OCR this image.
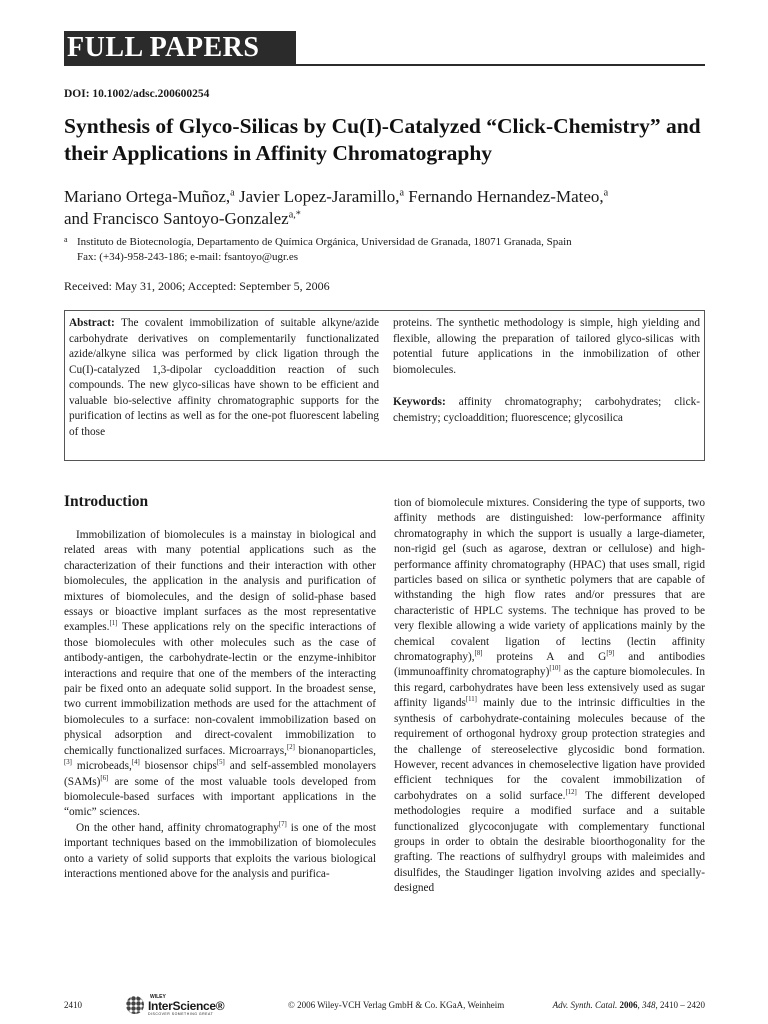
FULL PAPERS
DOI: 10.1002/adsc.200600254
Synthesis of Glyco-Silicas by Cu(I)-Catalyzed “Click-Chemistry” and their Applications in Affinity Chromatography
Mariano Ortega-Muñoz,$^a$ Javier Lopez-Jaramillo,$^a$ Fernando Hernandez-Mateo,$^a$
and Francisco Santoyo-Gonzalez$^{a,*}$
a Instituto de Biotecnología, Departamento de Química Orgánica, Universidad de Granada, 18071 Granada, Spain
Fax: (+34)-958-243-186; e-mail: fsantoyo@ugr.es
Received: May 31, 2006; Accepted: September 5, 2006
Abstract: The covalent immobilization of suitable alkyne/azide carbohydrate derivatives on complementarily functionalizated azide/alkyne silica was performed by click ligation through the Cu(I)-catalyzed 1,3-dipolar cycloaddition reaction of such compounds. The new glyco-silicas have shown to be efficient and valuable bio-selective affinity chromatographic supports for the purification of lectins as well as for the one-pot fluorescent labeling of those
proteins. The synthetic methodology is simple, high yielding and flexible, allowing the preparation of tailored glyco-silicas with potential future applications in the inmobilization of other biomolecules.
Keywords: affinity chromatography; carbohydrates; click-chemistry; cycloaddition; fluorescence; glycosilica
Introduction

Immobilization of biomolecules is a mainstay in biological and related areas with many potential applications such as the characterization of their functions and their interaction with other biomolecules, the application in the analysis and purification of mixtures of biomolecules, and the design of solid-phase based essays or bioactive implant surfaces as the most representative examples.[1] These applications rely on the specific interactions of those biomolecules with other molecules such as the case of antibody-antigen, the carbohydrate-lectin or the enzyme-inhibitor interactions and require that one of the members of the interacting pair be fixed onto an adequate solid support. In the broadest sense, two current immobilization methods are used for the attachment of biomolecules to a surface: non-covalent immobilization based on physical adsorption and direct-covalent immobilization to chemically functionalized surfaces. Microarrays,[2] bionanoparticles,[3] microbeads,[4] biosensor chips[5] and self-assembled monolayers (SAMs)[6] are some of the most valuable tools developed from biomolecule-based surfaces with important applications in the “omic” sciences.

On the other hand, affinity chromatography[7] is one of the most important techniques based on the immobilization of biomolecules onto a variety of solid supports that exploits the various biological interactions mentioned above for the analysis and purifica-

tion of biomolecule mixtures. Considering the type of supports, two affinity methods are distinguished: low-performance affinity chromatography in which the support is usually a large-diameter, non-rigid gel (such as agarose, dextran or cellulose) and high-performance affinity chromatography (HPAC) that uses small, rigid particles based on silica or synthetic polymers that are capable of withstanding the high flow rates and/or pressures that are characteristic of HPLC systems. The technique has proved to be very flexible allowing a wide variety of applications mainly by the chemical covalent ligation of lectins (lectin affinity chromatography),[8] proteins A and G[9] and antibodies (immunoaffinity chromatography)[10] as the capture biomolecules. In this regard, carbohydrates have been less extensively used as sugar affinity ligands[11] mainly due to the intrinsic difficulties in the synthesis of carbohydrate-containing molecules because of the requirement of orthogonal hydroxy group protection strategies and the challenge of stereoselective glycosidic bond formation. However, recent advances in chemoselective ligation have provided efficient techniques for the covalent immobilization of carbohydrates on a solid surface.[12] The different developed methodologies require a modified surface and a suitable functionalized glycoconjugate with complementary functional groups in order to obtain the desirable bioorthogonality for the grafting. The reactions of sulfhydryl groups with maleimides and disulfides, the Staudinger ligation involving azides and specially-designed

2410
WILEY
InterScience®
DISCOVER SOMETHING GREAT
© 2006 Wiley-VCH Verlag GmbH & Co. KGaA, Weinheim	Adv. Synth. Catal. 2006, 348, 2410 – 2420
